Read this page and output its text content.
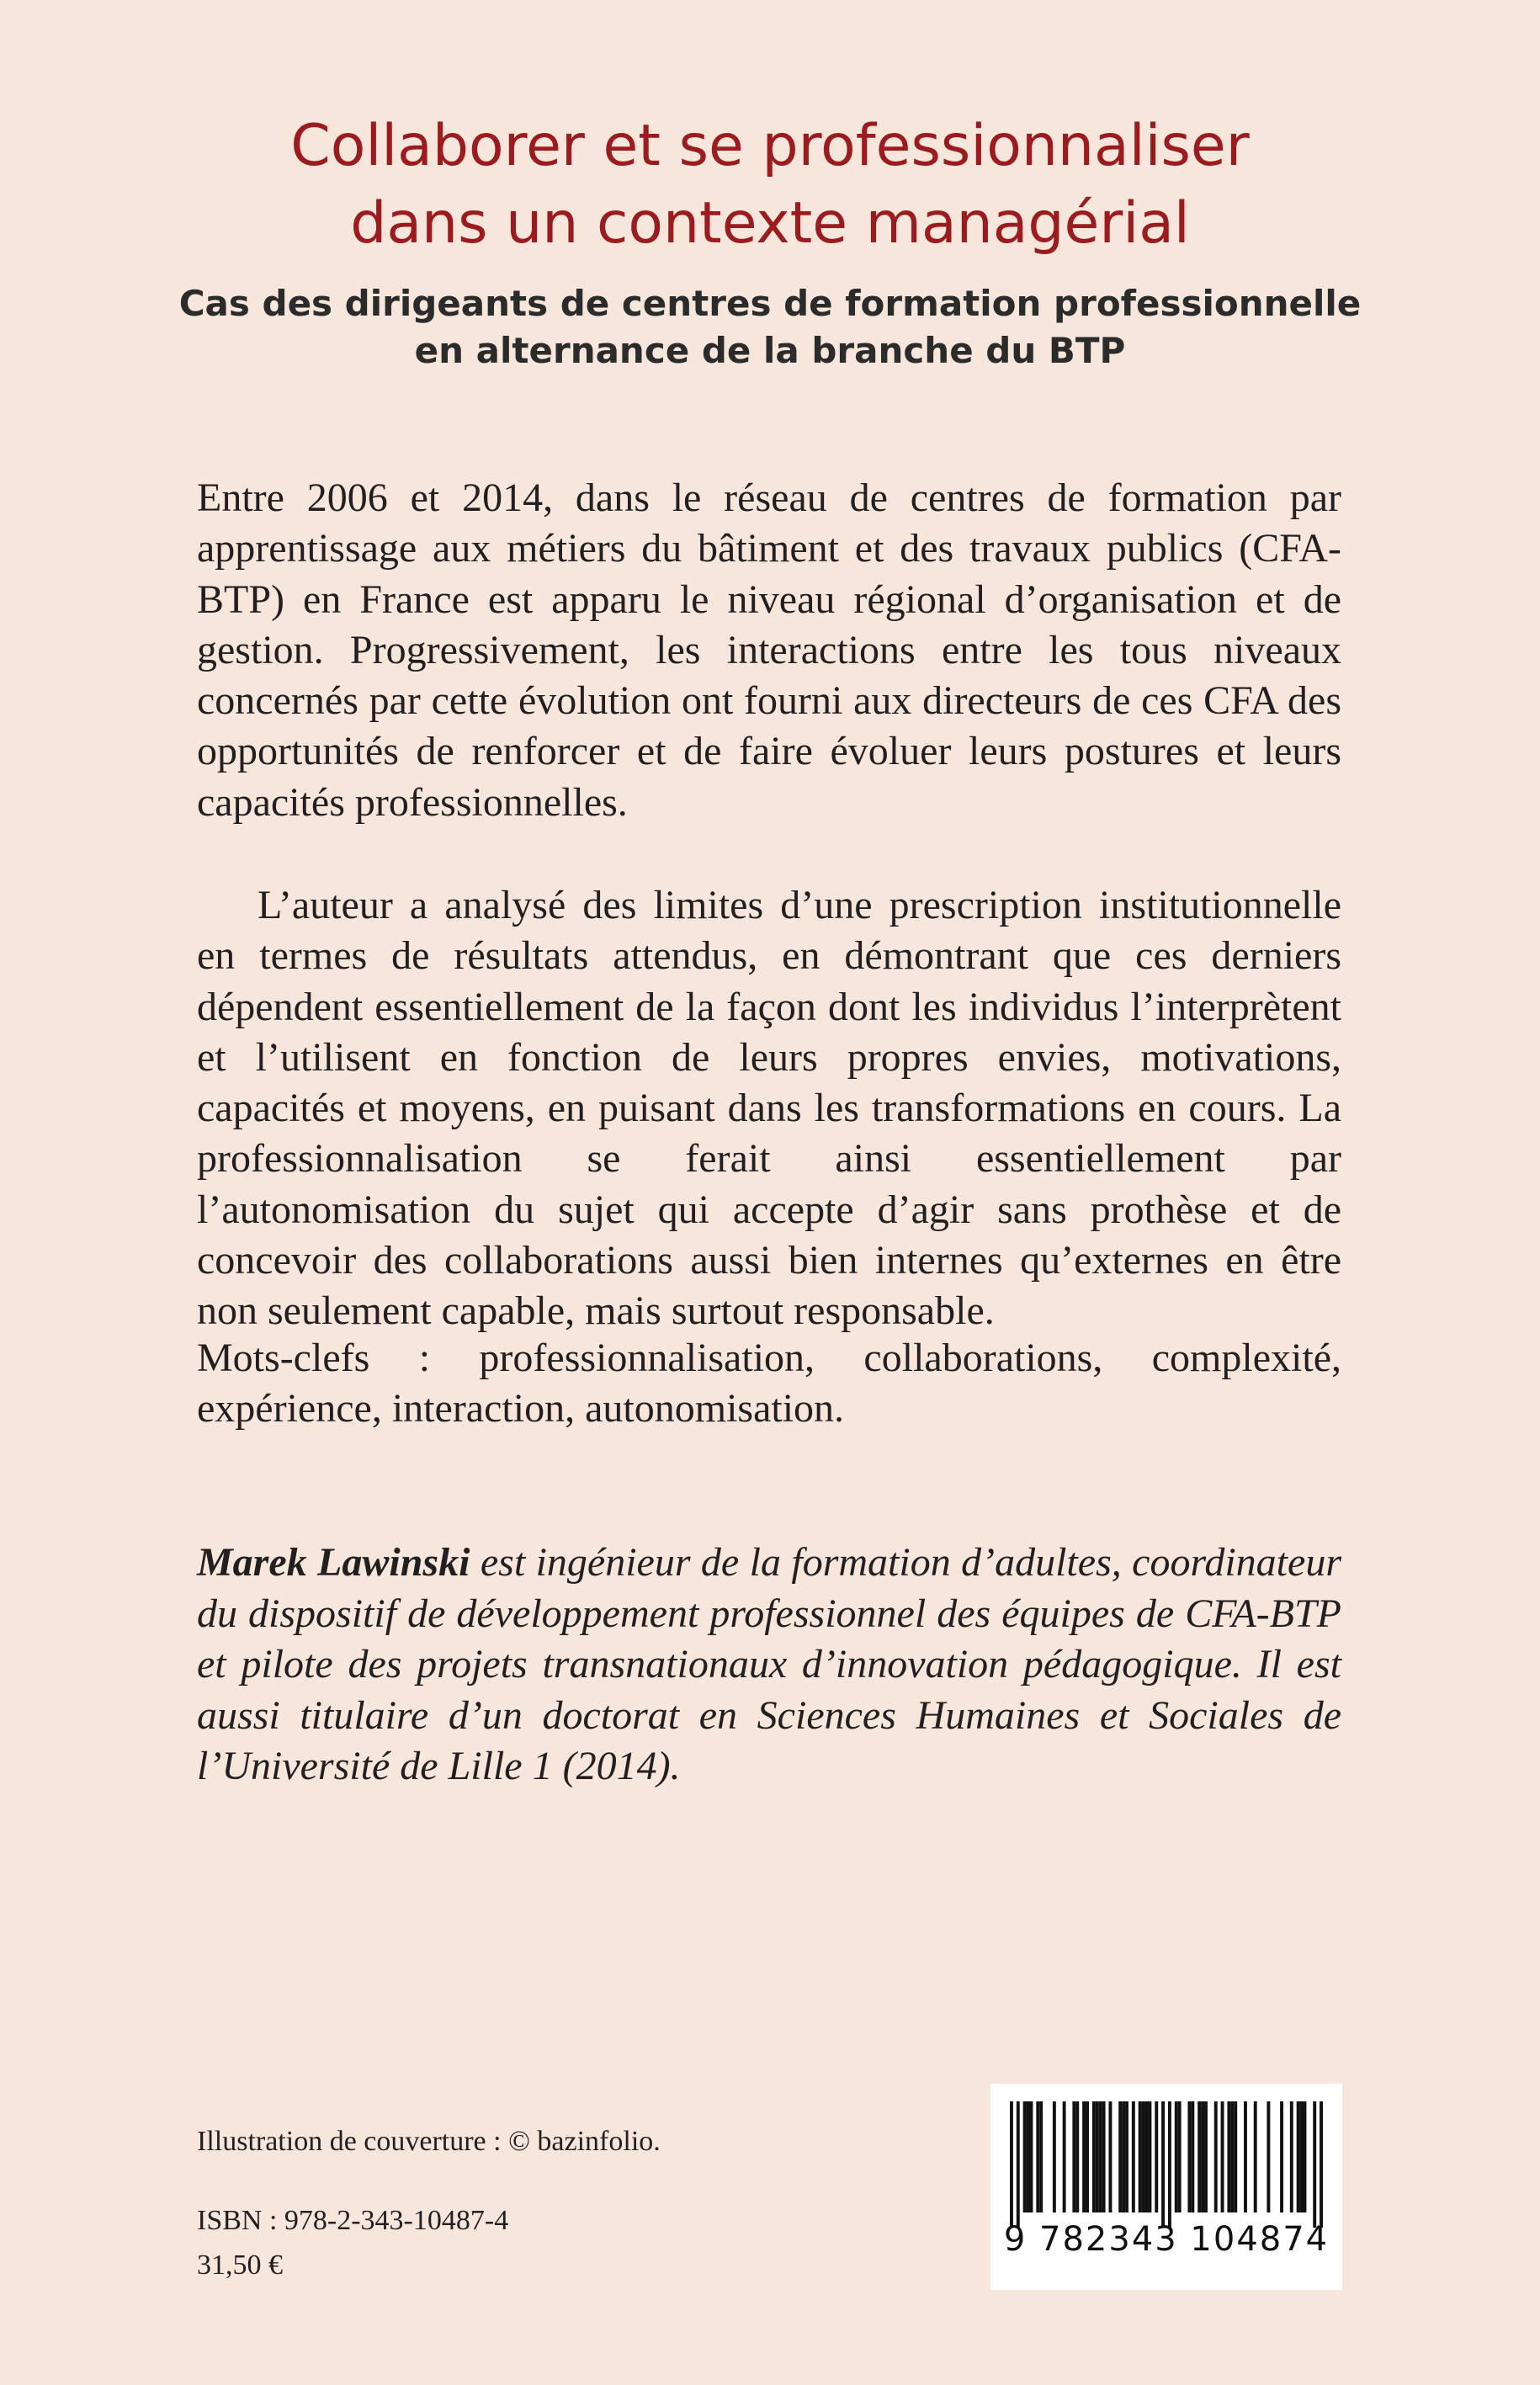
Collaborer et se professionnaliser
dans un contexte managérial
Cas des dirigeants de centres de formation professionnelle
en alternance de la branche du BTP

Entre 2006 et 2014, dans le réseau de centres de formation par apprentissage aux métiers du bâtiment et des travaux publics (CFA-BTP) en France est apparu le niveau régional d’organisation et de gestion. Progressivement, les interactions entre les tous niveaux concernés par cette évolution ont fourni aux directeurs de ces CFA des opportunités de renforcer et de faire évoluer leurs postures et leurs capacités professionnelles.

L’auteur a analysé des limites d’une prescription institutionnelle en termes de résultats attendus, en démontrant que ces derniers dépendent essentiellement de la façon dont les individus l’interprètent et l’utilisent en fonction de leurs propres envies, motivations, capacités et moyens, en puisant dans les transformations en cours. La professionnalisation se ferait ainsi essentiellement par l’autonomisation du sujet qui accepte d’agir sans prothèse et de concevoir des collaborations aussi bien internes qu’externes en être non seulement capable, mais surtout responsable.

Mots-clefs : professionnalisation, collaborations, complexité, expérience, interaction, autonomisation.

Marek Lawinski est ingénieur de la formation d’adultes, coordinateur du dispositif de développement professionnel des équipes de CFA-BTP et pilote des projets transnationaux d’innovation pédagogique. Il est aussi titulaire d’un doctorat en Sciences Humaines et Sociales de l’Université de Lille 1 (2014).

Illustration de couverture : © bazinfolio.

ISBN : 978-2-343-10487-4

31,50 €

9 782343 104874
